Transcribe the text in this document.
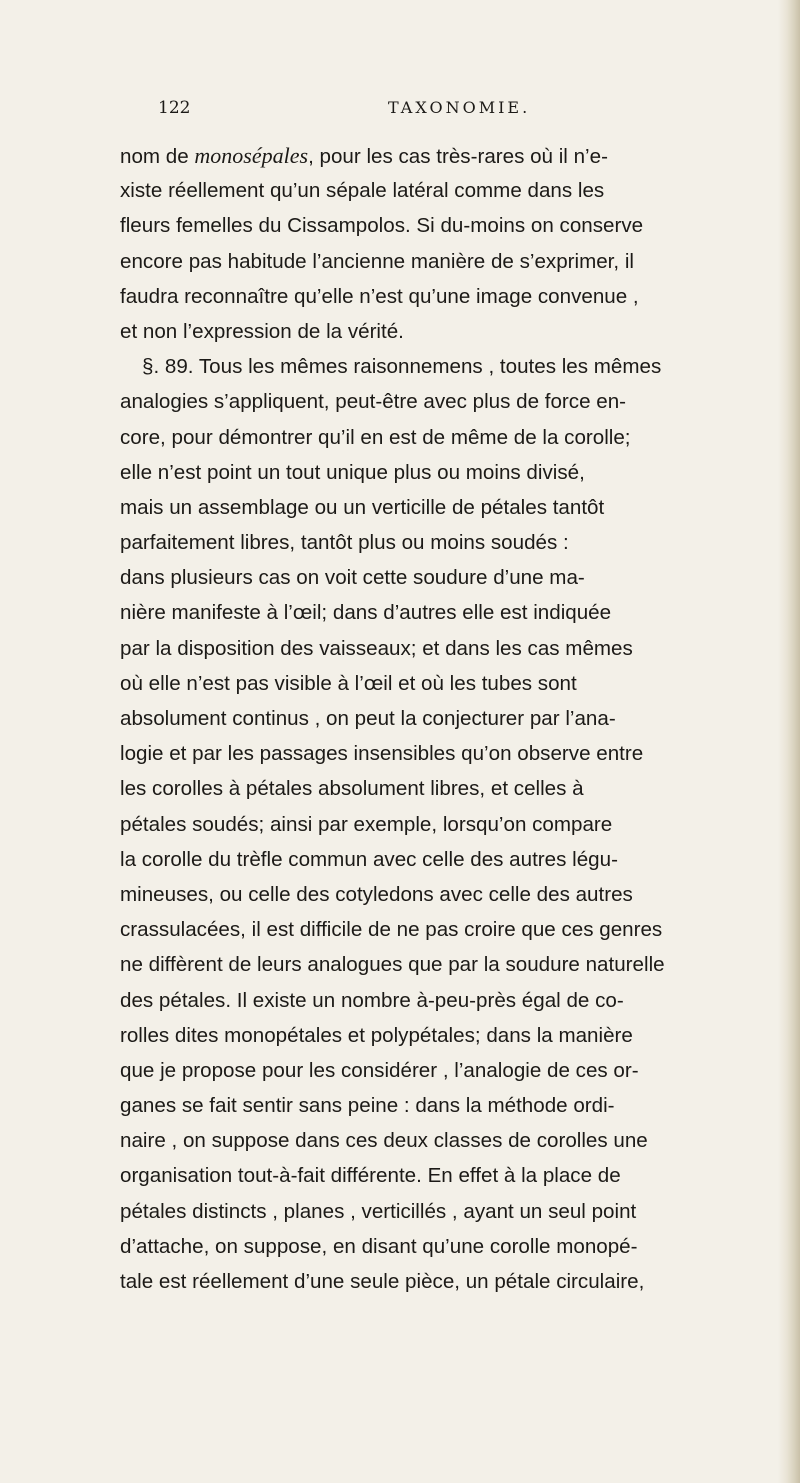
122	TAXONOMIE.
nom de monosépales, pour les cas très-rares où il n’e-
xiste réellement qu’un sépale latéral comme dans les
fleurs femelles du Cissampolos. Si du-moins on conserve
encore pas habitude l’ancienne manière de s’exprimer, il
faudra reconnaître qu’elle n’est qu’une image convenue ,
et non l’expression de la vérité.
§. 89. Tous les mêmes raisonnemens , toutes les mêmes
analogies s’appliquent, peut-être avec plus de force en-
core, pour démontrer qu’il en est de même de la corolle;
elle n’est point un tout unique plus ou moins divisé,
mais un assemblage ou un verticille de pétales tantôt
parfaitement libres, tantôt plus ou moins soudés :
dans plusieurs cas on voit cette soudure d’une ma-
nière manifeste à l’œil; dans d’autres elle est indiquée
par la disposition des vaisseaux; et dans les cas mêmes
où elle n’est pas visible à l’œil et où les tubes sont
absolument continus , on peut la conjecturer par l’ana-
logie et par les passages insensibles qu’on observe entre
les corolles à pétales absolument libres, et celles à
pétales soudés; ainsi par exemple, lorsqu’on compare
la corolle du trèfle commun avec celle des autres légu-
mineuses, ou celle des cotyledons avec celle des autres
crassulacées, il est difficile de ne pas croire que ces genres
ne diffèrent de leurs analogues que par la soudure naturelle
des pétales. Il existe un nombre à-peu-près égal de co-
rolles dites monopétales et polypétales; dans la manière
que je propose pour les considérer , l’analogie de ces or-
ganes se fait sentir sans peine : dans la méthode ordi-
naire , on suppose dans ces deux classes de corolles une
organisation tout-à-fait différente. En effet à la place de
pétales distincts , planes , verticillés , ayant un seul point
d’attache, on suppose, en disant qu’une corolle monopé-
tale est réellement d’une seule pièce, un pétale circulaire,
